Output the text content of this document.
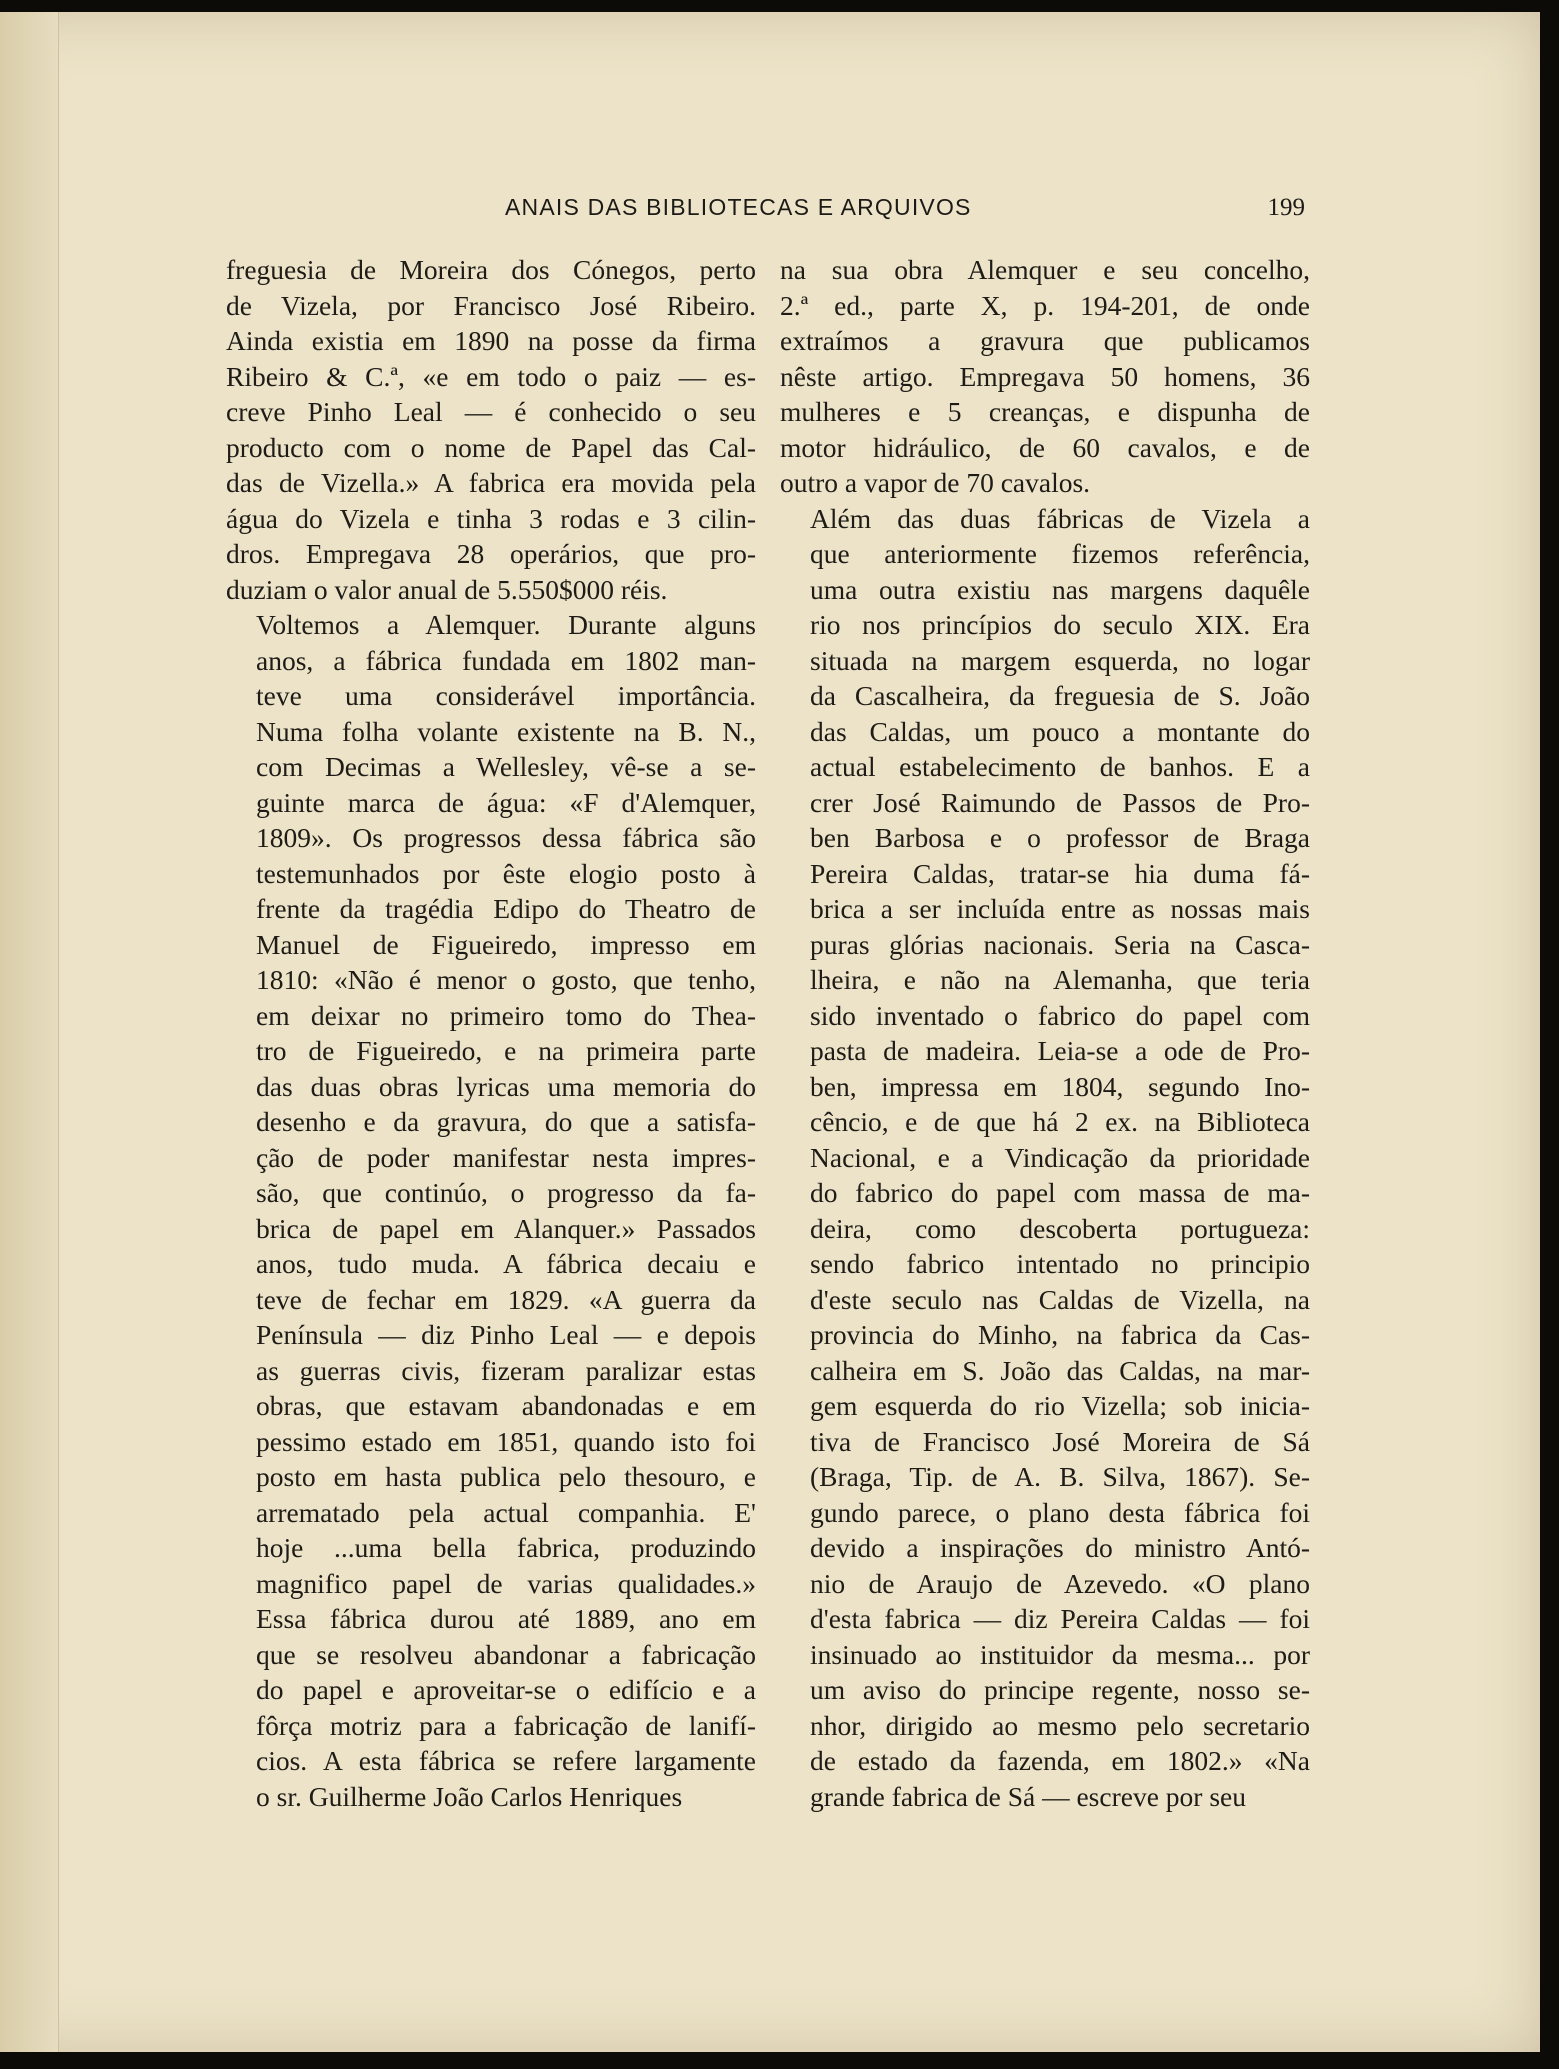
ANAIS DAS BIBLIOTECAS E ARQUIVOS	199
freguesia de Moreira dos Cónegos, perto
de Vizela, por Francisco José Ribeiro.
Ainda existia em 1890 na posse da firma
Ribeiro & C.ª, «e em todo o paiz — es-
creve Pinho Leal — é conhecido o seu
producto com o nome de Papel das Cal-
das de Vizella.» A fabrica era movida pela
água do Vizela e tinha 3 rodas e 3 cilin-
dros. Empregava 28 operários, que pro-
duziam o valor anual de 5.550$000 réis.
Voltemos a Alemquer. Durante alguns
anos, a fábrica fundada em 1802 man-
teve uma considerável importância.
Numa folha volante existente na B. N.,
com Decimas a Wellesley, vê-se a se-
guinte marca de água: «F d'Alemquer,
1809». Os progressos dessa fábrica são
testemunhados por êste elogio posto à
frente da tragédia Edipo do Theatro de
Manuel de Figueiredo, impresso em
1810: «Não é menor o gosto, que tenho,
em deixar no primeiro tomo do Thea-
tro de Figueiredo, e na primeira parte
das duas obras lyricas uma memoria do
desenho e da gravura, do que a satisfa-
ção de poder manifestar nesta impres-
são, que continúo, o progresso da fa-
brica de papel em Alanquer.» Passados
anos, tudo muda. A fábrica decaiu e
teve de fechar em 1829. «A guerra da
Península — diz Pinho Leal — e depois
as guerras civis, fizeram paralizar estas
obras, que estavam abandonadas e em
pessimo estado em 1851, quando isto foi
posto em hasta publica pelo thesouro, e
arrematado pela actual companhia. E'
hoje ...uma bella fabrica, produzindo
magnifico papel de varias qualidades.»
Essa fábrica durou até 1889, ano em
que se resolveu abandonar a fabricação
do papel e aproveitar-se o edifício e a
fôrça motriz para a fabricação de lanifí-
cios. A esta fábrica se refere largamente
o sr. Guilherme João Carlos Henriques
na sua obra Alemquer e seu concelho,
2.ª ed., parte X, p. 194-201, de onde
extraímos a gravura que publicamos
nêste artigo. Empregava 50 homens, 36
mulheres e 5 creanças, e dispunha de
motor hidráulico, de 60 cavalos, e de
outro a vapor de 70 cavalos.
Além das duas fábricas de Vizela a
que anteriormente fizemos referência,
uma outra existiu nas margens daquêle
rio nos princípios do seculo XIX. Era
situada na margem esquerda, no logar
da Cascalheira, da freguesia de S. João
das Caldas, um pouco a montante do
actual estabelecimento de banhos. E a
crer José Raimundo de Passos de Pro-
ben Barbosa e o professor de Braga
Pereira Caldas, tratar-se hia duma fá-
brica a ser incluída entre as nossas mais
puras glórias nacionais. Seria na Casca-
lheira, e não na Alemanha, que teria
sido inventado o fabrico do papel com
pasta de madeira. Leia-se a ode de Pro-
ben, impressa em 1804, segundo Ino-
cêncio, e de que há 2 ex. na Biblioteca
Nacional, e a Vindicação da prioridade
do fabrico do papel com massa de ma-
deira, como descoberta portugueza:
sendo fabrico intentado no principio
d'este seculo nas Caldas de Vizella, na
provincia do Minho, na fabrica da Cas-
calheira em S. João das Caldas, na mar-
gem esquerda do rio Vizella; sob inicia-
tiva de Francisco José Moreira de Sá
(Braga, Tip. de A. B. Silva, 1867). Se-
gundo parece, o plano desta fábrica foi
devido a inspirações do ministro Antó-
nio de Araujo de Azevedo. «O plano
d'esta fabrica — diz Pereira Caldas — foi
insinuado ao instituidor da mesma... por
um aviso do principe regente, nosso se-
nhor, dirigido ao mesmo pelo secretario
de estado da fazenda, em 1802.» «Na
grande fabrica de Sá — escreve por seu
